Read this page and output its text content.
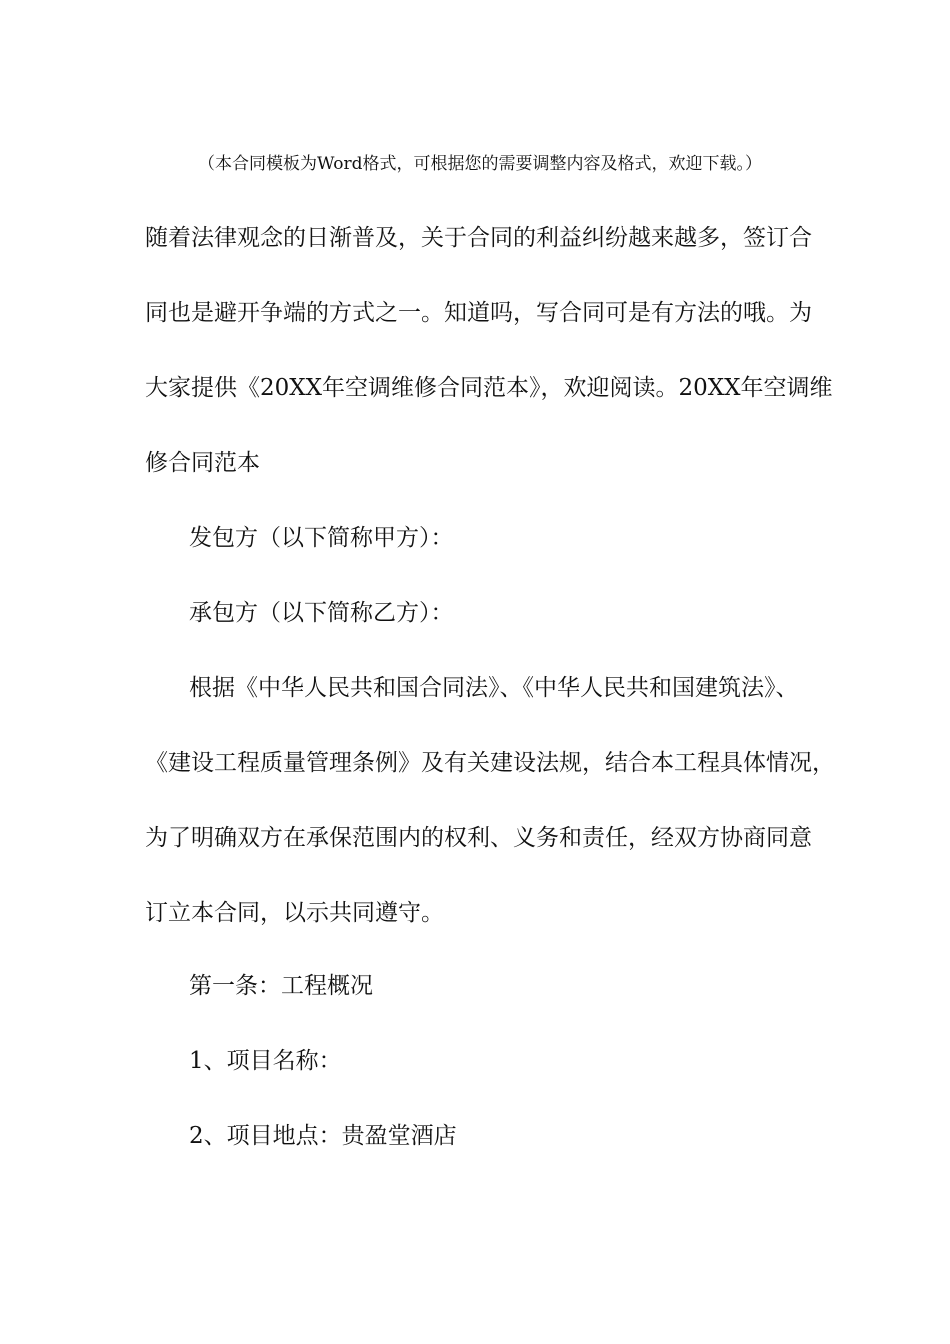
（本合同模板为Word格式，可根据您的需要调整内容及格式，欢迎下载。）
随着法律观念的日渐普及，关于合同的利益纠纷越来越多，签订合
同也是避开争端的方式之一。知道吗，写合同可是有方法的哦。为
大家提供《20XX年空调维修合同范本》，欢迎阅读。20XX年空调维
修合同范本
发包方（以下简称甲方）：
承包方（以下简称乙方）：
根据《中华人民共和国合同法》、《中华人民共和国建筑法》、
《建设工程质量管理条例》及有关建设法规，结合本工程具体情况，
为了明确双方在承保范围内的权利、义务和责任，经双方协商同意
订立本合同，以示共同遵守。
第一条：工程概况
1、项目名称：
2、项目地点：贵盈堂酒店
